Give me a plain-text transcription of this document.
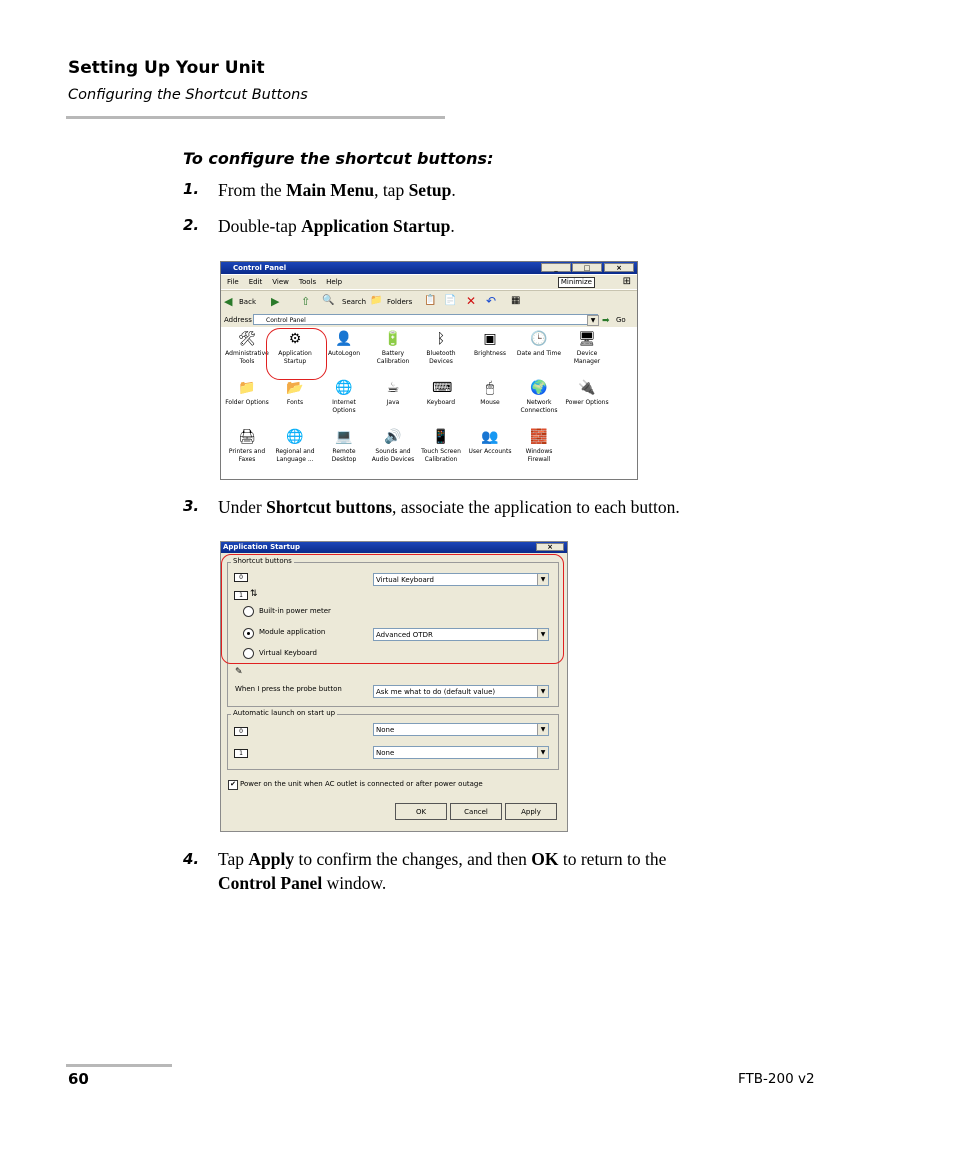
Setting Up Your Unit
Configuring the Shortcut Buttons
To configure the shortcut buttons:
1. From the Main Menu, tap Setup.
2. Double-tap Application Startup.
Control Panel	_	□	×
File Edit View Tools Help	Minimize	⊞
◀ Back ▶ ⇧ 🔍 Search 📁 Folders 📋 📄 ✕ ↶ ▦
Address	Control Panel	▼ ➡ Go
🛠
Administrative Tools
⚙
Application Startup
👤
AutoLogon
🔋
Battery Calibration
ᛒ
Bluetooth Devices
▣
Brightness
🕒
Date and Time
🖥
Device Manager
📁
Folder Options
📂
Fonts
🌐
Internet Options
☕
Java
⌨
Keyboard
🖱
Mouse
🌍
Network Connections
🔌
Power Options
🖨
Printers and Faxes
🌐
Regional and Language ...
💻
Remote Desktop
🔊
Sounds and Audio Devices
📱
Touch Screen Calibration
👥
User Accounts
🧱
Windows Firewall
3. Under Shortcut buttons, associate the application to each button.
Application Startup	×
Shortcut buttons
0	Virtual Keyboard	▼
1 ⇅
Built-in power meter
Module application	Advanced OTDR	▼
Virtual Keyboard
✎
When I press the probe button	Ask me what to do (default value)	▼
Automatic launch on start up
0	None	▼
1	None	▼
✔ Power on the unit when AC outlet is connected or after power outage
OK	Cancel	Apply
4. Tap Apply to confirm the changes, and then OK to return to the
Control Panel window.
60	FTB-200 v2
